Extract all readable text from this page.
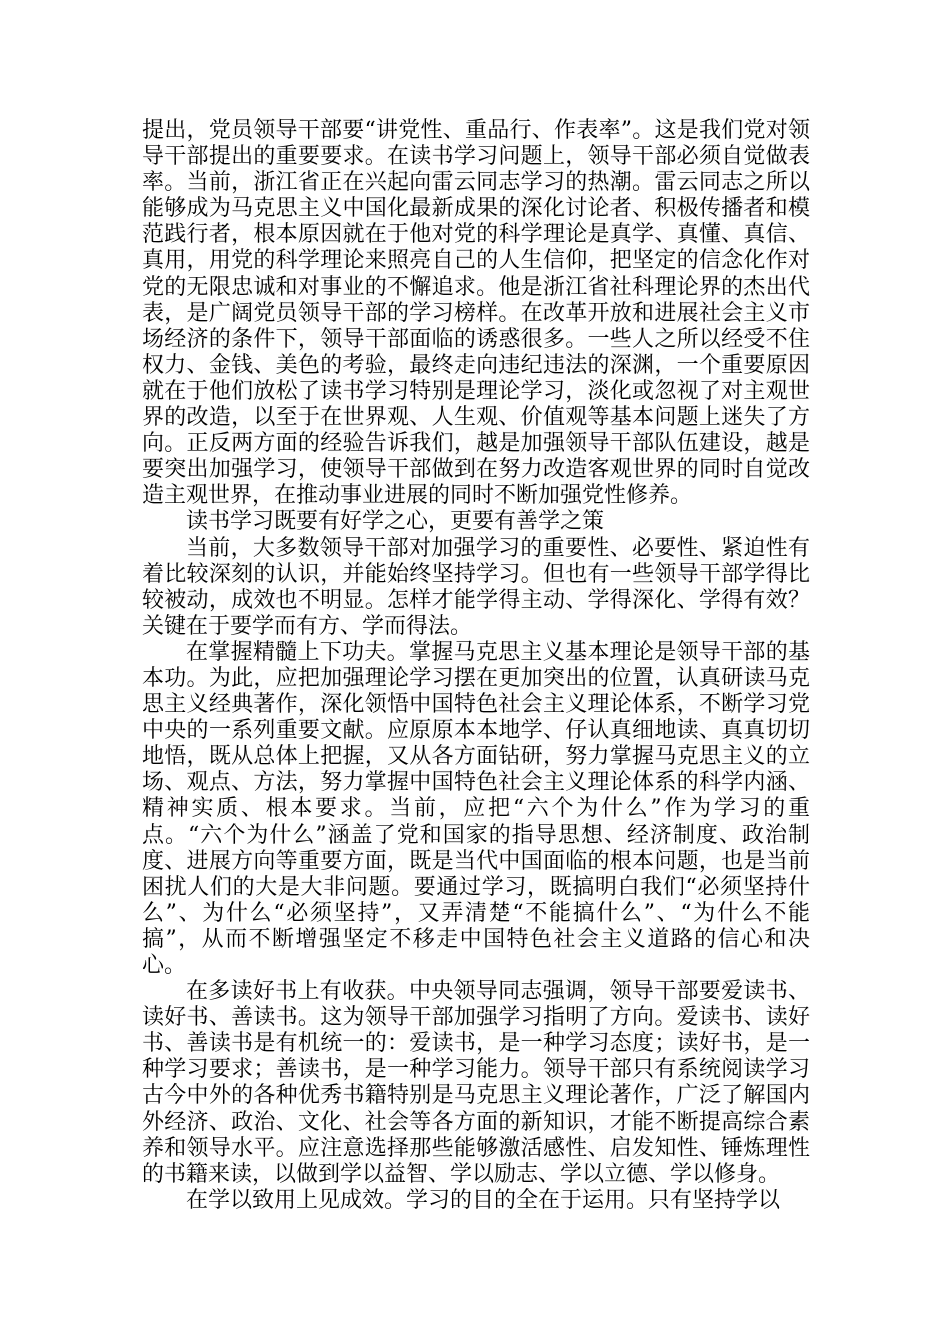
提出，党员领导干部要“讲党性、重品行、作表率”。这是我们党对领导干部提出的重要要求。在读书学习问题上，领导干部必须自觉做表率。当前，浙江省正在兴起向雷云同志学习的热潮。雷云同志之所以能够成为马克思主义中国化最新成果的深化讨论者、积极传播者和模范践行者，根本原因就在于他对党的科学理论是真学、真懂、真信、真用，用党的科学理论来照亮自己的人生信仰，把坚定的信念化作对党的无限忠诚和对事业的不懈追求。他是浙江省社科理论界的杰出代表，是广阔党员领导干部的学习榜样。在改革开放和进展社会主义市场经济的条件下，领导干部面临的诱惑很多。一些人之所以经受不住权力、金钱、美色的考验，最终走向违纪违法的深渊，一个重要原因就在于他们放松了读书学习特别是理论学习，淡化或忽视了对主观世界的改造，以至于在世界观、人生观、价值观等基本问题上迷失了方向。正反两方面的经验告诉我们，越是加强领导干部队伍建设，越是要突出加强学习，使领导干部做到在努力改造客观世界的同时自觉改造主观世界，在推动事业进展的同时不断加强党性修养。

读书学习既要有好学之心，更要有善学之策

当前，大多数领导干部对加强学习的重要性、必要性、紧迫性有着比较深刻的认识，并能始终坚持学习。但也有一些领导干部学得比较被动，成效也不明显。怎样才能学得主动、学得深化、学得有效？关键在于要学而有方、学而得法。

在掌握精髓上下功夫。掌握马克思主义基本理论是领导干部的基本功。为此，应把加强理论学习摆在更加突出的位置，认真研读马克思主义经典著作，深化领悟中国特色社会主义理论体系，不断学习党中央的一系列重要文献。应原原本本地学、仔认真细地读、真真切切地悟，既从总体上把握，又从各方面钻研，努力掌握马克思主义的立场、观点、方法，努力掌握中国特色社会主义理论体系的科学内涵、精神实质、根本要求。当前，应把“六个为什么”作为学习的重点。“六个为什么”涵盖了党和国家的指导思想、经济制度、政治制度、进展方向等重要方面，既是当代中国面临的根本问题，也是当前困扰人们的大是大非问题。要通过学习，既搞明白我们“必须坚持什么”、为什么“必须坚持”，又弄清楚“不能搞什么”、“为什么不能搞”，从而不断增强坚定不移走中国特色社会主义道路的信心和决心。

在多读好书上有收获。中央领导同志强调，领导干部要爱读书、读好书、善读书。这为领导干部加强学习指明了方向。爱读书、读好书、善读书是有机统一的：爱读书，是一种学习态度；读好书，是一种学习要求；善读书，是一种学习能力。领导干部只有系统阅读学习古今中外的各种优秀书籍特别是马克思主义理论著作，广泛了解国内外经济、政治、文化、社会等各方面的新知识，才能不断提高综合素养和领导水平。应注意选择那些能够激活感性、启发知性、锤炼理性的书籍来读，以做到学以益智、学以励志、学以立德、学以修身。

在学以致用上见成效。学习的目的全在于运用。只有坚持学以
